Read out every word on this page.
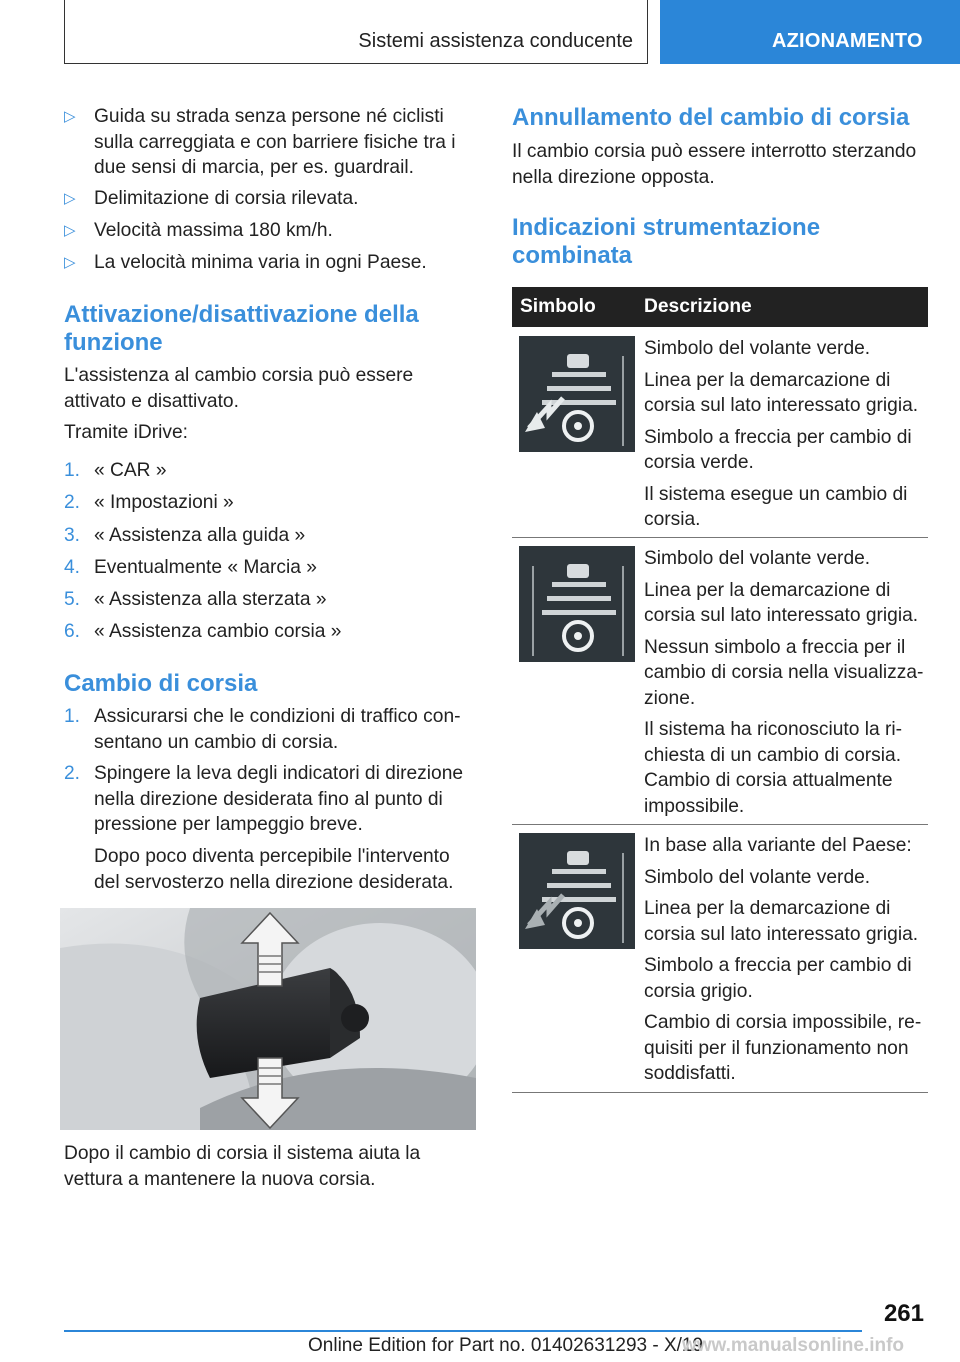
Sistemi assistenza conducente	AZIONAMENTO
▷ Guida su strada senza persone né ciclisti sulla carreggiata e con barriere fisiche tra i due sensi di marcia, per es. guardrail.

▷ Delimitazione di corsia rilevata.

▷ Velocità massima 180 km/h.

▷ La velocità minima varia in ogni Paese.

Attivazione/disattivazione della funzione

L'assistenza al cambio corsia può essere attivato e disattivato.

Tramite iDrive:

1. « CAR »

2. « Impostazioni »

3. « Assistenza alla guida »

4. Eventualmente « Marcia »

5. « Assistenza alla sterzata »

6. « Assistenza cambio corsia »

Cambio di corsia
1. Assicurarsi che le condizioni di traffico con-sentano un cambio di corsia.

2. Spingere la leva degli indicatori di direzione nella direzione desiderata fino al punto di pressione per lampeggio breve.

Dopo poco diventa percepibile l'intervento del servosterzo nella direzione desiderata.

Dopo il cambio di corsia il sistema aiuta la vettura a mantenere la nuova corsia.

Annullamento del cambio di corsia

Il cambio corsia può essere interrotto sterzando nella direzione opposta.

Indicazioni strumentazione combinata
Simbolo	Descrizione

Simbolo del volante verde.

Linea per la demarcazione di corsia sul lato interessato grigia.

Simbolo a freccia per cambio di corsia verde.

Il sistema esegue un cambio di corsia.

Simbolo del volante verde.

Linea per la demarcazione di corsia sul lato interessato grigia.

Nessun simbolo a freccia per il cambio di corsia nella visualizza-zione.

Il sistema ha riconosciuto la ri-chiesta di un cambio di corsia. Cambio di corsia attualmente impossibile.

In base alla variante del Paese:

Simbolo del volante verde.

Linea per la demarcazione di corsia sul lato interessato grigia.

Simbolo a freccia per cambio di corsia grigio.

Cambio di corsia impossibile, re-quisiti per il funzionamento non soddisfatti.

261
Online Edition for Part no. 01402631293 - X/19
www.manualsonline.info
